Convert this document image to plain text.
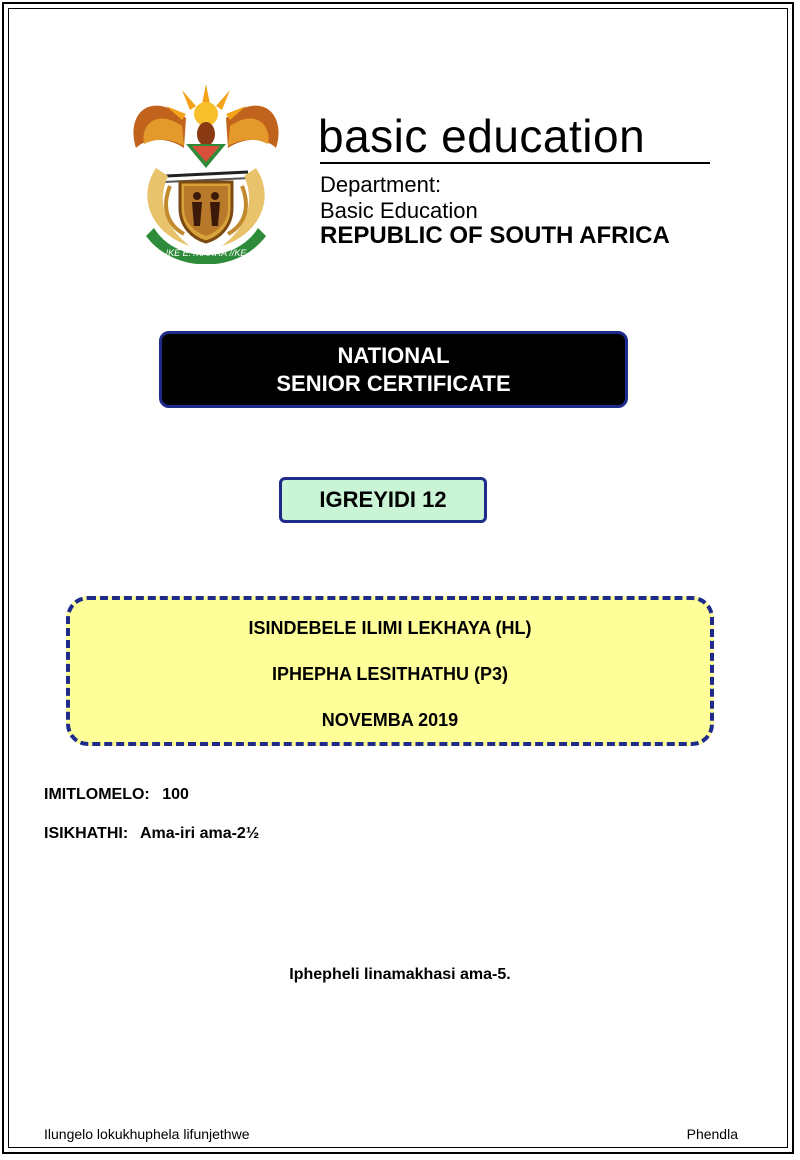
!KE E: /XARRA //KE
basic education
Department:
Basic Education
REPUBLIC OF SOUTH AFRICA
NATIONAL
SENIOR CERTIFICATE
IGREYIDI 12
ISINDEBELE ILIMI LEKHAYA (HL)
IPHEPHA LESITHATHU (P3)
NOVEMBA 2019
IMITLOMELO: 100
ISIKHATHI: Ama-iri ama-2½
Iphepheli linamakhasi ama-5.
Ilungelo lokukhuphela lifunjethwe	Phendla
